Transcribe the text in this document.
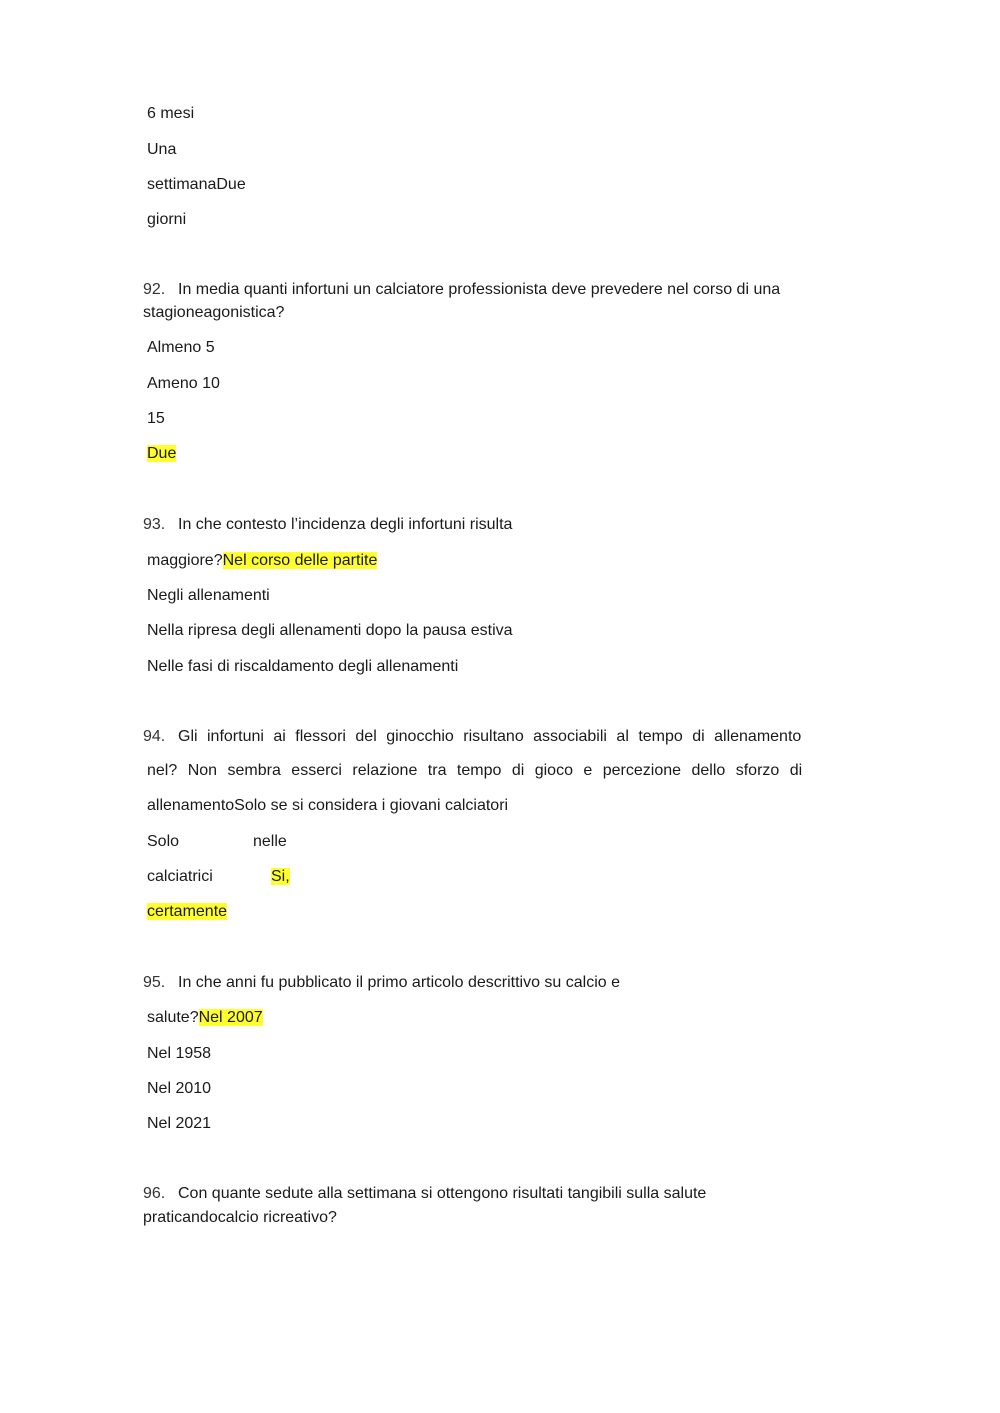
6 mesi
Una
settimanaDue
giorni
92. In media quanti infortuni un calciatore professionista deve prevedere nel corso di una
stagioneagonistica?
Almeno 5
Ameno 10
15
Due
93. In che contesto l’incidenza degli infortuni risulta
maggiore?Nel corso delle partite
Negli allenamenti
Nella ripresa degli allenamenti dopo la pausa estiva
Nelle fasi di riscaldamento degli allenamenti
94. Gli infortuni ai flessori del ginocchio risultano associabili al tempo di allenamento
nel? Non sembra esserci relazione tra tempo di gioco e percezione dello sforzo di
allenamentoSolo se si considera i giovani calciatori
Solo	nelle
calciatrici	Si,
certamente
95. In che anni fu pubblicato il primo articolo descrittivo su calcio e
salute?Nel 2007
Nel 1958
Nel 2010
Nel 2021
96. Con quante sedute alla settimana si ottengono risultati tangibili sulla salute
praticandocalcio ricreativo?
